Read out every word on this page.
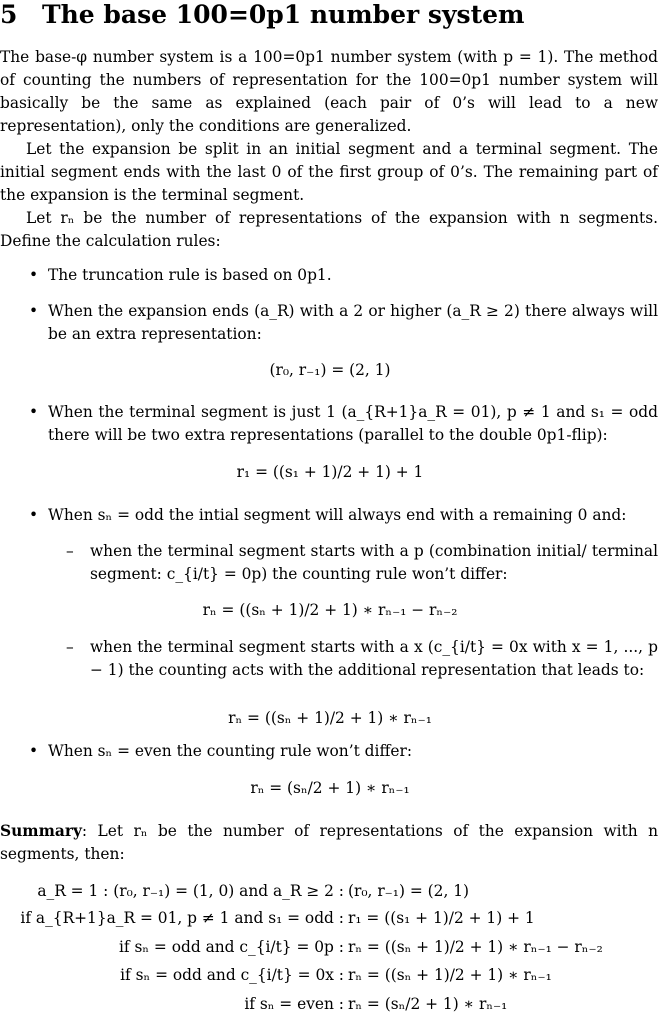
5 The base 100=0p1 number system

The base-φ number system is a 100=0p1 number system (with p = 1). The method of counting the numbers of representation for the 100=0p1 number system will basically be the same as explained (each pair of 0’s will lead to a new representation), only the conditions are generalized.

Let the expansion be split in an initial segment and a terminal segment. The initial segment ends with the last 0 of the first group of 0’s. The remaining part of the expansion is the terminal segment.

Let rₙ be the number of representations of the expansion with n segments. Define the calculation rules:

• The truncation rule is based on 0p1.
• When the expansion ends (a_R) with a 2 or higher (a_R ≥ 2) there always will be an extra representation:
(r₀, r₋₁) = (2, 1)
• When the terminal segment is just 1 (a_{R+1}a_R = 01), p ≠ 1 and s₁ = odd there will be two extra representations (parallel to the double 0p1-flip):
r₁ = ((s₁ + 1)/2 + 1) + 1
• When sₙ = odd the intial segment will always end with a remaining 0 and:
– when the terminal segment starts with a p (combination initial/ terminal segment: c_{i/t} = 0p) the counting rule won’t differ:
rₙ = ((sₙ + 1)/2 + 1) ∗ rₙ₋₁ − rₙ₋₂
– when the terminal segment starts with a x (c_{i/t} = 0x with x = 1, ..., p − 1) the counting acts with the additional representation that leads to:
rₙ = ((sₙ + 1)/2 + 1) ∗ rₙ₋₁
• When sₙ = even the counting rule won’t differ:
rₙ = (sₙ/2 + 1) ∗ rₙ₋₁

Summary: Let rₙ be the number of representations of the expansion with n segments, then:

a_R = 1 : (r₀, r₋₁) = (1, 0) and a_R ≥ 2 : (r₀, r₋₁) = (2, 1)
if a_{R+1}a_R = 01, p ≠ 1 and s₁ = odd : r₁ = ((s₁ + 1)/2 + 1) + 1
if sₙ = odd and c_{i/t} = 0p : rₙ = ((sₙ + 1)/2 + 1) ∗ rₙ₋₁ − rₙ₋₂
if sₙ = odd and c_{i/t} = 0x : rₙ = ((sₙ + 1)/2 + 1) ∗ rₙ₋₁
if sₙ = even : rₙ = (sₙ/2 + 1) ∗ rₙ₋₁
